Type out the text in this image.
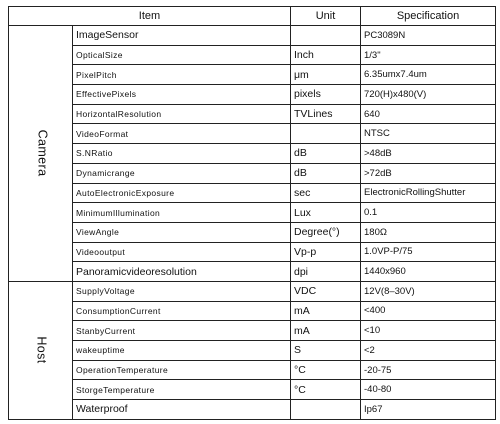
Item		Unit	Specification
Camera	ImageSensor		PC3089N
	OpticalSize	Inch	1/3"
	PixelPitch	μm	6.35umx7.4um
	EffectivePixels	pixels	720(H)x480(V)
	HorizontalResolution	TVLines	640
	VideoFormat		NTSC
	S.NRatio	dB	>48dB
	Dynamicrange	dB	>72dB
	AutoElectronicExposure	sec	ElectronicRollingShutter
	MinimumIllumination	Lux	0.1
	ViewAngle	Degree(°)	180Ω
	Videooutput	Vp-p	1.0VP-P/75
	Panoramicvideoresolution	dpi	1440x960
Host	SupplyVoltage	VDC	12V(8–30V)
	ConsumptionCurrent	mA	<400
	StanbyCurrent	mA	<10
	wakeuptime	S	<2
	OperationTemperature	°C	-20-75
	StorgeTemperature	°C	-40-80
	Waterproof		Ip67
